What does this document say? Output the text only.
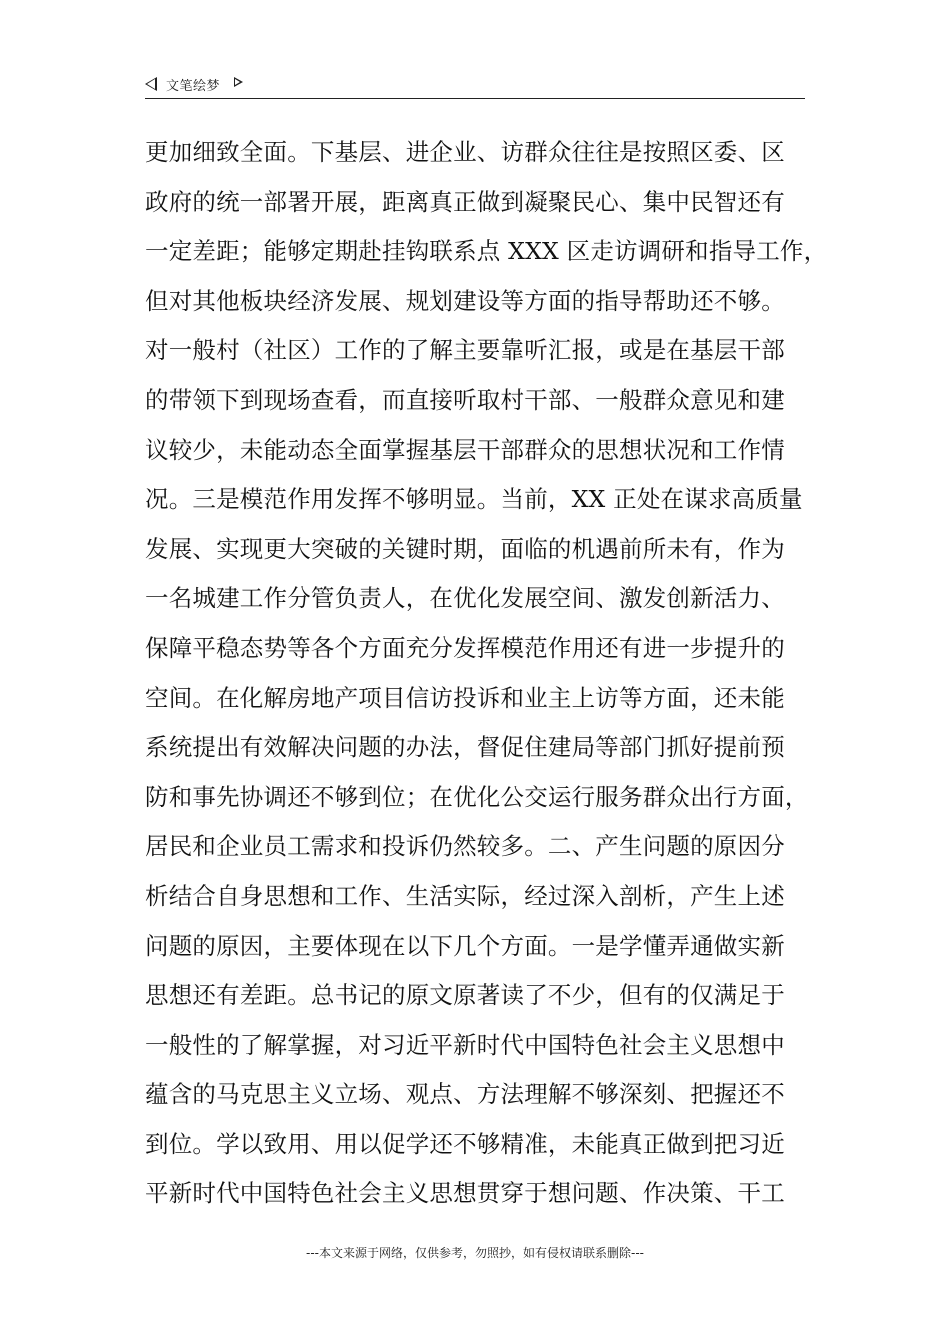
文笔绘梦
更加细致全面。下基层、进企业、访群众往往是按照区委、区
政府的统一部署开展，距离真正做到凝聚民心、集中民智还有
一定差距；能够定期赴挂钩联系点 XXX 区走访调研和指导工作，
但对其他板块经济发展、规划建设等方面的指导帮助还不够。
对一般村（社区）工作的了解主要靠听汇报，或是在基层干部
的带领下到现场查看，而直接听取村干部、一般群众意见和建
议较少，未能动态全面掌握基层干部群众的思想状况和工作情
况。三是模范作用发挥不够明显。当前，XX 正处在谋求高质量
发展、实现更大突破的关键时期，面临的机遇前所未有，作为
一名城建工作分管负责人，在优化发展空间、激发创新活力、
保障平稳态势等各个方面充分发挥模范作用还有进一步提升的
空间。在化解房地产项目信访投诉和业主上访等方面，还未能
系统提出有效解决问题的办法，督促住建局等部门抓好提前预
防和事先协调还不够到位；在优化公交运行服务群众出行方面，
居民和企业员工需求和投诉仍然较多。二、产生问题的原因分
析结合自身思想和工作、生活实际，经过深入剖析，产生上述
问题的原因，主要体现在以下几个方面。一是学懂弄通做实新
思想还有差距。总书记的原文原著读了不少，但有的仅满足于
一般性的了解掌握，对习近平新时代中国特色社会主义思想中
蕴含的马克思主义立场、观点、方法理解不够深刻、把握还不
到位。学以致用、用以促学还不够精准，未能真正做到把习近
平新时代中国特色社会主义思想贯穿于想问题、作决策、干工
---本文来源于网络，仅供参考，勿照抄，如有侵权请联系删除---
